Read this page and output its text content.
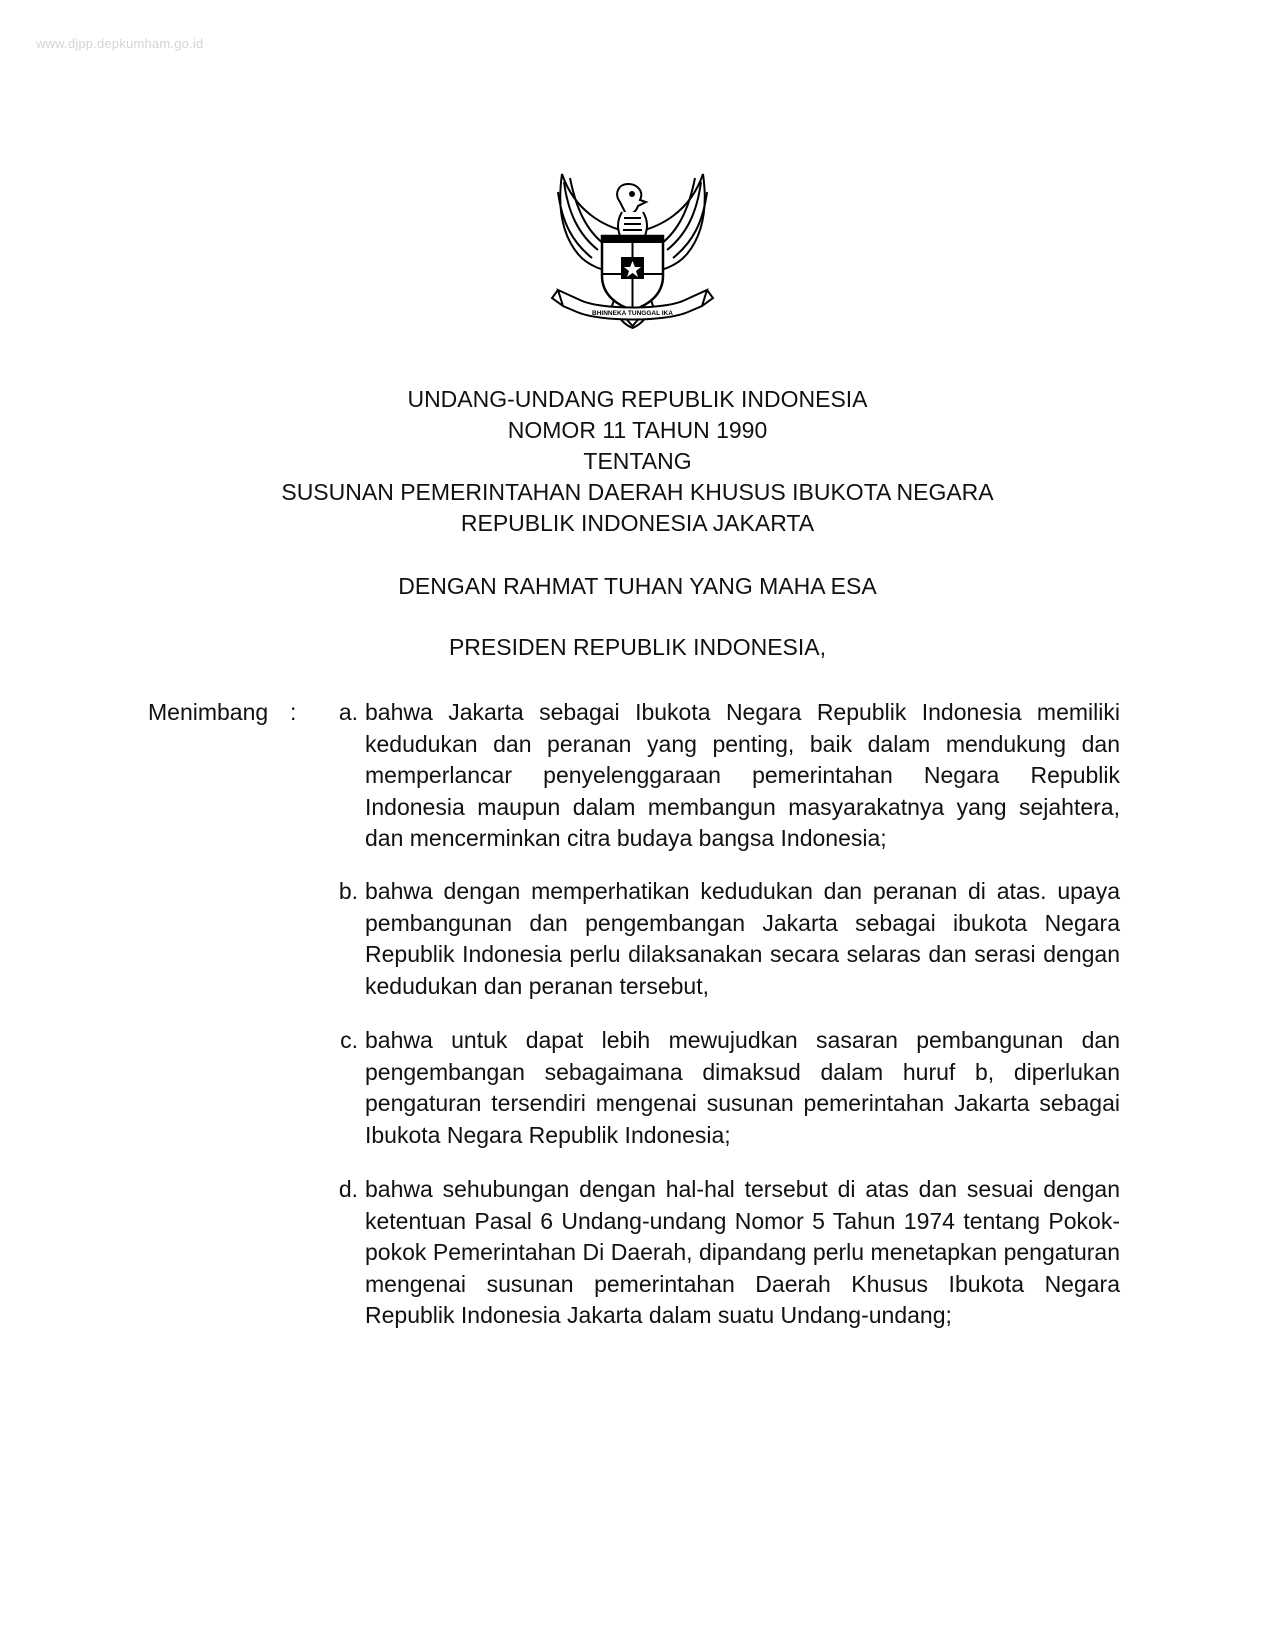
www.djpp.depkumham.go.id
BHINNEKA TUNGGAL IKA
UNDANG-UNDANG REPUBLIK INDONESIA
NOMOR 11 TAHUN 1990
TENTANG
SUSUNAN PEMERINTAHAN DAERAH KHUSUS IBUKOTA NEGARA
REPUBLIK INDONESIA JAKARTA
DENGAN RAHMAT TUHAN YANG MAHA ESA
PRESIDEN REPUBLIK INDONESIA,
Menimbang :	a. bahwa Jakarta sebagai Ibukota Negara Republik Indonesia memiliki kedudukan dan peranan yang penting, baik dalam mendukung dan memperlancar penyelenggaraan pemerintahan Negara Republik Indonesia maupun dalam membangun masyarakatnya yang sejahtera, dan mencerminkan citra budaya bangsa Indonesia;
b. bahwa dengan memperhatikan kedudukan dan peranan di atas. upaya pembangunan dan pengembangan Jakarta sebagai ibukota Negara Republik Indonesia perlu dilaksanakan secara selaras dan serasi dengan kedudukan dan peranan tersebut,
c. bahwa untuk dapat lebih mewujudkan sasaran pembangunan dan pengembangan sebagaimana dimaksud dalam huruf b, diperlukan pengaturan tersendiri mengenai susunan pemerintahan Jakarta sebagai Ibukota Negara Republik Indonesia;
d. bahwa sehubungan dengan hal-hal tersebut di atas dan sesuai dengan ketentuan Pasal 6 Undang-undang Nomor 5 Tahun 1974 tentang Pokok-pokok Pemerintahan Di Daerah, dipandang perlu menetapkan pengaturan mengenai susunan pemerintahan Daerah Khusus Ibukota Negara Republik Indonesia Jakarta dalam suatu Undang-undang;
